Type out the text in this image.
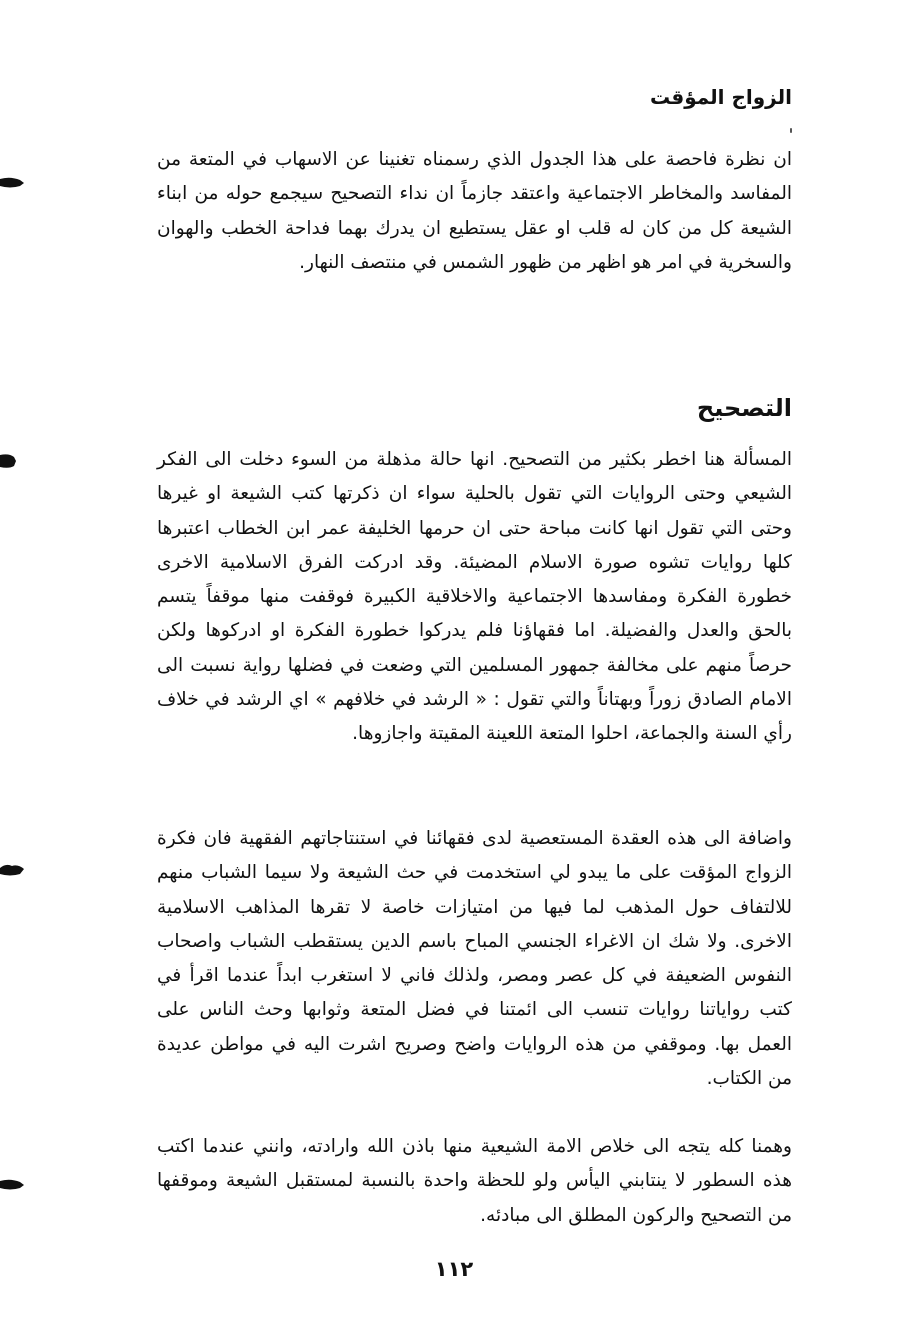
الزواج المؤقت

ان نظرة فاحصة على هذا الجدول الذي رسمناه تغنينا عن الاسهاب في المتعة من المفاسد والمخاطر الاجتماعية واعتقد جازماً ان نداء التصحيح سيجمع حوله من ابناء الشيعة كل من كان له قلب او عقل يستطيع ان يدرك بهما فداحة الخطب والهوان والسخرية في امر هو اظهر من ظهور الشمس في منتصف النهار.

التصحيح

المسألة هنا اخطر بكثير من التصحيح. انها حالة مذهلة من السوء دخلت الى الفكر الشيعي وحتى الروايات التي تقول بالحلية سواء ان ذكرتها كتب الشيعة او غيرها وحتى التي تقول انها كانت مباحة حتى ان حرمها الخليفة عمر ابن الخطاب اعتبرها كلها روايات تشوه صورة الاسلام المضيئة. وقد ادركت الفرق الاسلامية الاخرى خطورة الفكرة ومفاسدها الاجتماعية والاخلاقية الكبيرة فوقفت منها موقفاً يتسم بالحق والعدل والفضيلة. اما فقهاؤنا فلم يدركوا خطورة الفكرة او ادركوها ولكن حرصاً منهم على مخالفة جمهور المسلمين التي وضعت في فضلها رواية نسبت الى الامام الصادق زوراً وبهتاناً والتي تقول : « الرشد في خلافهم » اي الرشد في خلاف رأي السنة والجماعة، احلوا المتعة اللعينة المقيتة واجازوها.

واضافة الى هذه العقدة المستعصية لدى فقهائنا في استنتاجاتهم الفقهية فان فكرة الزواج المؤقت على ما يبدو لي استخدمت في حث الشيعة ولا سيما الشباب منهم للالتفاف حول المذهب لما فيها من امتيازات خاصة لا تقرها المذاهب الاسلامية الاخرى. ولا شك ان الاغراء الجنسي المباح باسم الدين يستقطب الشباب واصحاب النفوس الضعيفة في كل عصر ومصر، ولذلك فاني لا استغرب ابداً عندما اقرأ في كتب رواياتنا روايات تنسب الى ائمتنا في فضل المتعة وثوابها وحث الناس على العمل بها. وموقفي من هذه الروايات واضح وصريح اشرت اليه في مواطن عديدة من الكتاب.

وهمنا كله يتجه الى خلاص الامة الشيعية منها باذن الله وارادته، وانني عندما اكتب هذه السطور لا ينتابني اليأس ولو للحظة واحدة بالنسبة لمستقبل الشيعة وموقفها من التصحيح والركون المطلق الى مبادئه.

١١٢
